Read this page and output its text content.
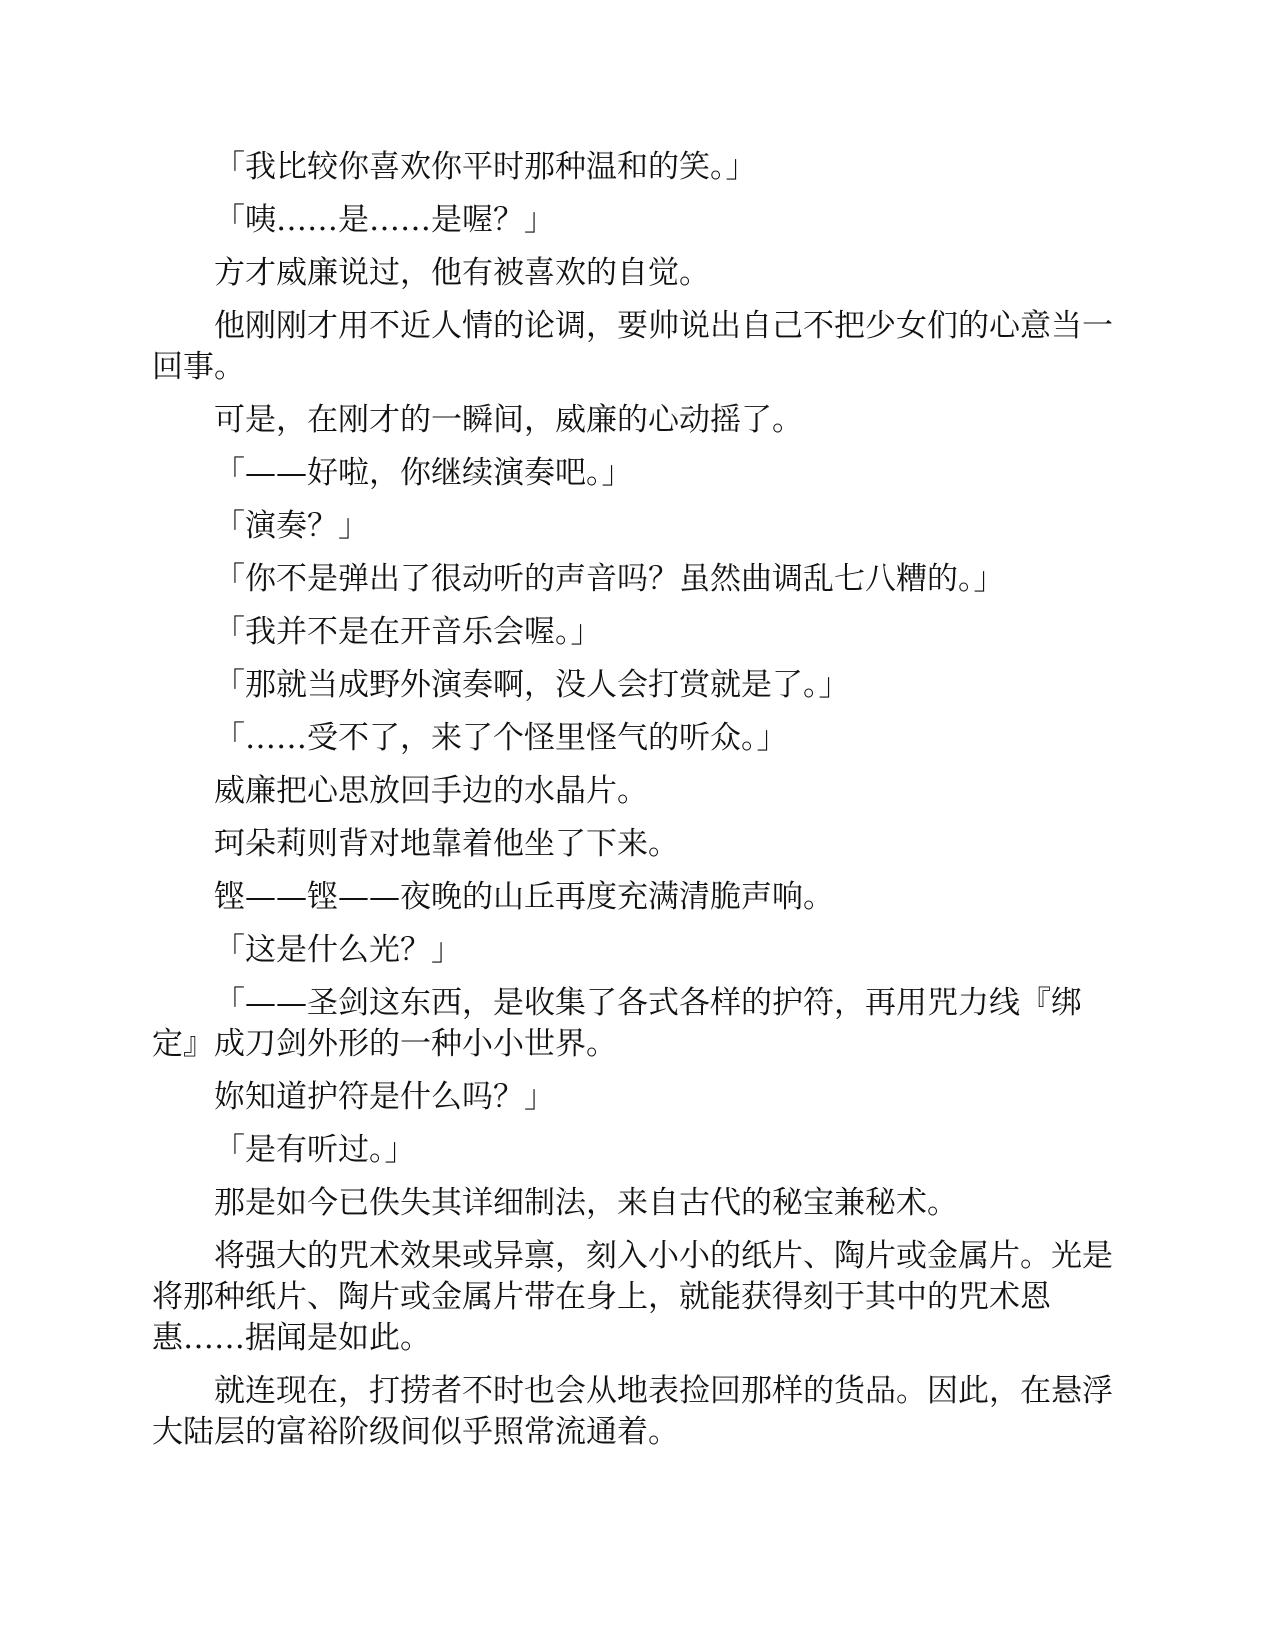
「我比较你喜欢你平时那种温和的笑。」

「咦……是……是喔？」

方才威廉说过，他有被喜欢的自觉。

他刚刚才用不近人情的论调，要帅说出自己不把少女们的心意当一回事。

可是，在刚才的一瞬间，威廉的心动摇了。

「——好啦，你继续演奏吧。」

「演奏？」

「你不是弹出了很动听的声音吗？虽然曲调乱七八糟的。」

「我并不是在开音乐会喔。」

「那就当成野外演奏啊，没人会打赏就是了。」

「……受不了，来了个怪里怪气的听众。」

威廉把心思放回手边的水晶片。

珂朵莉则背对地靠着他坐了下来。

铿——铿——夜晚的山丘再度充满清脆声响。

「这是什么光？」

「——圣剑这东西，是收集了各式各样的护符，再用咒力线『绑定』成刀剑外形的一种小小世界。

妳知道护符是什么吗？」

「是有听过。」

那是如今已佚失其详细制法，来自古代的秘宝兼秘术。

将强大的咒术效果或异禀，刻入小小的纸片、陶片或金属片。光是将那种纸片、陶片或金属片带在身上，就能获得刻于其中的咒术恩惠……据闻是如此。

就连现在，打捞者不时也会从地表捡回那样的货品。因此，在悬浮大陆层的富裕阶级间似乎照常流通着。
